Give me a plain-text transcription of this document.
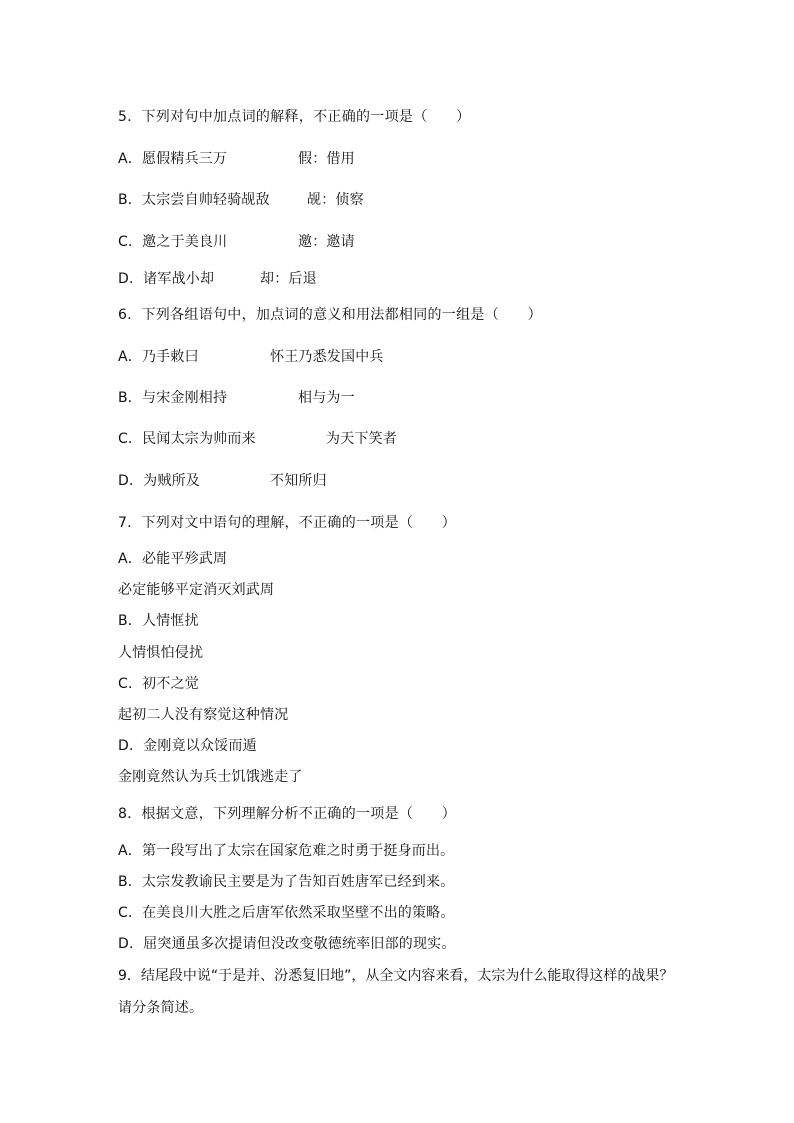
5．下列对句中加点词的解释，不正确的一项是（　　）

A．愿假精兵三万

	假：借用

B．太宗尝自帅轻骑觇敌

	觇：侦察

C．邀之于美良川

	邀：邀请

D．诸军战小却

	却：后退

6．下列各组语句中，加点词的意义和用法都相同的一组是（　　）

A．乃手敕曰

	怀王乃悉发国中兵

B．与宋金刚相持

	相与为一

C．民闻太宗为帅而来

	为天下笑者

D．为贼所及

	不知所归

7．下列对文中语句的理解，不正确的一项是（　　）
A．必能平殄武周
必定能够平定消灭刘武周
B．人情恇扰
人情惧怕侵扰
C．初不之觉
起初二人没有察觉这种情况
D．金刚竟以众馁而遁
金刚竟然认为兵士饥饿逃走了
8．根据文意，下列理解分析不正确的一项是（　　）
A．第一段写出了太宗在国家危难之时勇于挺身而出。
B．太宗发教谕民主要是为了告知百姓唐军已经到来。
C．在美良川大胜之后唐军依然采取坚壁不出的策略。
D．屈突通虽多次提请但没改变敬德统率旧部的现实。
9．结尾段中说“于是并、汾悉复旧地”，从全文内容来看，太宗为什么能取得这样的战果？
请分条简述。
